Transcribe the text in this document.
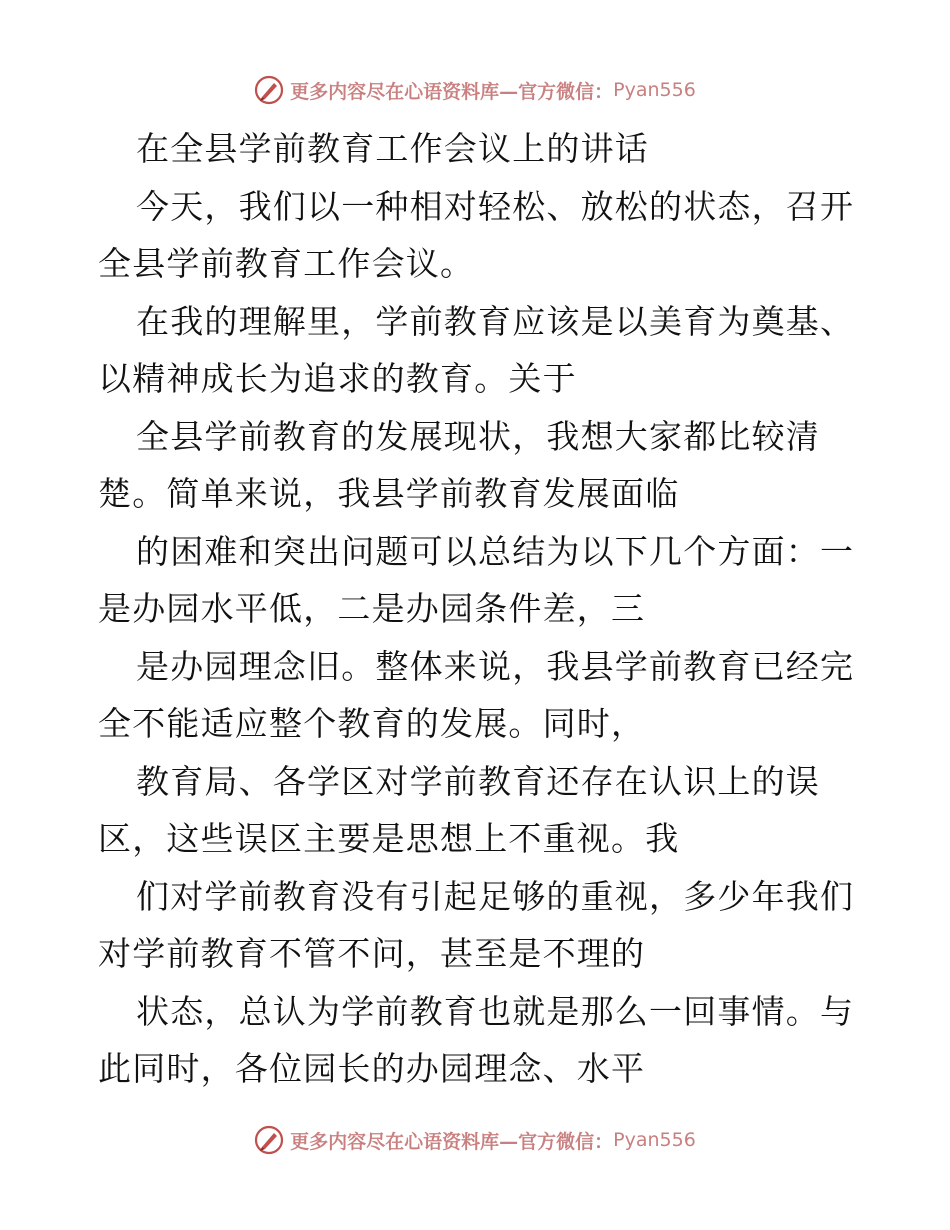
更多内容尽在心语资料库—官方微信： Pyan556
在全县学前教育工作会议上的讲话
今天，我们以一种相对轻松、放松的状态，召开
全县学前教育工作会议。
在我的理解里，学前教育应该是以美育为奠基、
以精神成长为追求的教育。关于
全县学前教育的发展现状，我想大家都比较清
楚。简单来说，我县学前教育发展面临
的困难和突出问题可以总结为以下几个方面：一
是办园水平低，二是办园条件差，三
是办园理念旧。整体来说，我县学前教育已经完
全不能适应整个教育的发展。同时，
教育局、各学区对学前教育还存在认识上的误
区，这些误区主要是思想上不重视。我
们对学前教育没有引起足够的重视，多少年我们
对学前教育不管不问，甚至是不理的
状态，总认为学前教育也就是那么一回事情。与
此同时，各位园长的办园理念、水平
更多内容尽在心语资料库—官方微信： Pyan556
